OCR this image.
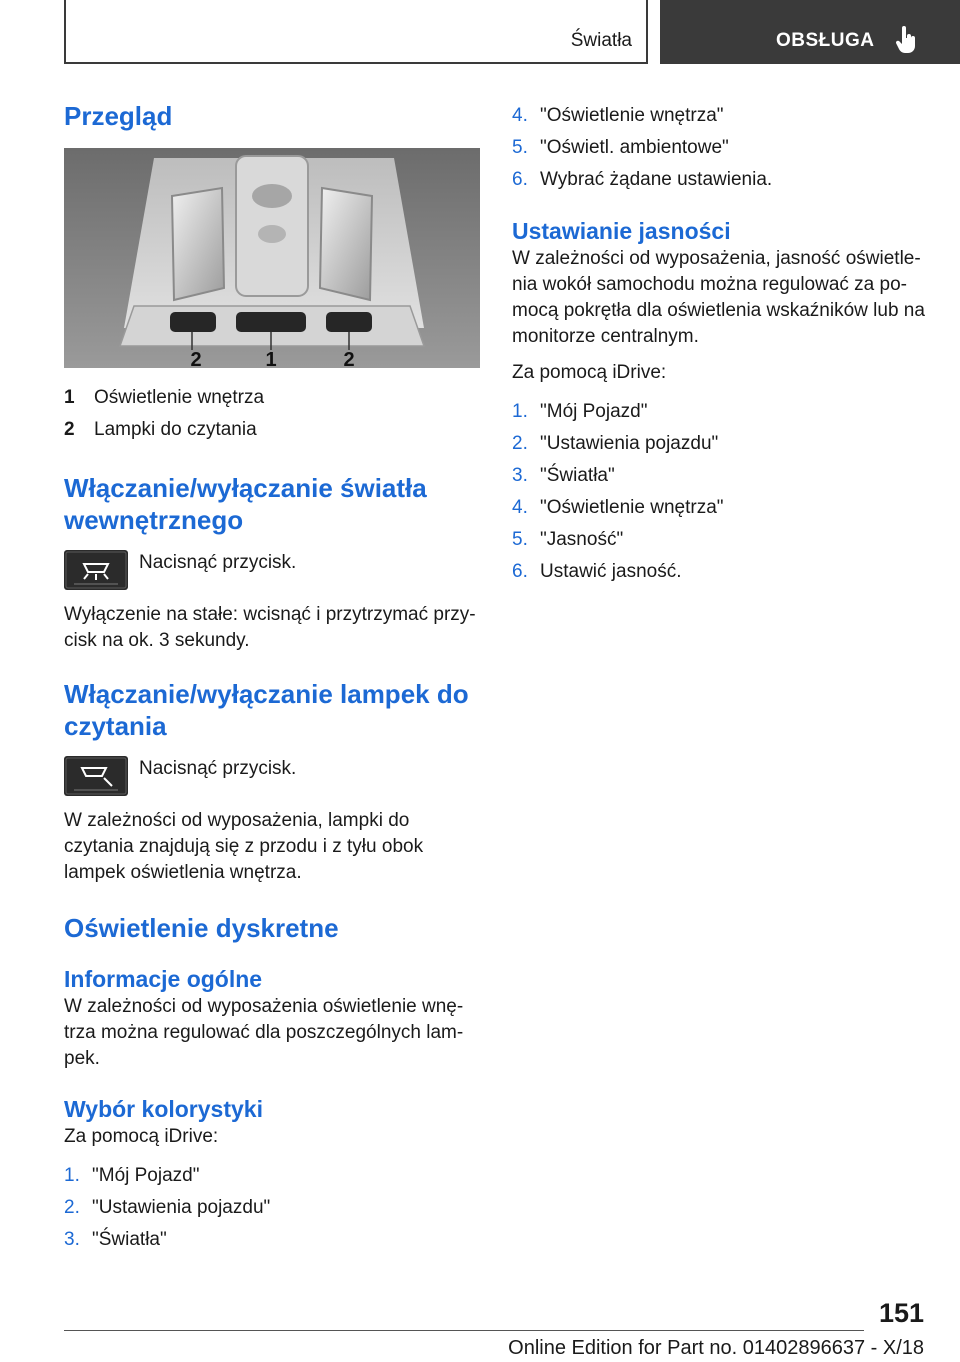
Światła	OBSŁUGA
Przegląd
2	1	2
1	Oświetlenie wnętrza
2	Lampki do czytania
Włączanie/wyłączanie światła wewnętrznego

Nacisnąć przycisk.

Wyłączenie na stałe: wcisnąć i przytrzymać przycisk na ok. 3 sekundy.

Włączanie/wyłączanie lampek do czytania

Nacisnąć przycisk.

W zależności od wyposażenia, lampki do czytania znajdują się z przodu i z tyłu obok lampek oświetlenia wnętrza.

Oświetlenie dyskretne
Informacje ogólne

W zależności od wyposażenia oświetlenie wnętrza można regulować dla poszczególnych lampek.

Wybór kolorystyki

Za pomocą iDrive:

1. "Mój Pojazd"
2. "Ustawienia pojazdu"
3. "Światła"
4. "Oświetlenie wnętrza"
5. "Oświetl. ambientowe"
6. Wybrać żądane ustawienia.
Ustawianie jasności

W zależności od wyposażenia, jasność oświetlenia wokół samochodu można regulować za pomocą pokrętła dla oświetlenia wskaźników lub na monitorze centralnym.

Za pomocą iDrive:

1. "Mój Pojazd"
2. "Ustawienia pojazdu"
3. "Światła"
4. "Oświetlenie wnętrza"
5. "Jasność"
6. Ustawić jasność.
151
Online Edition for Part no. 01402896637 - X/18
